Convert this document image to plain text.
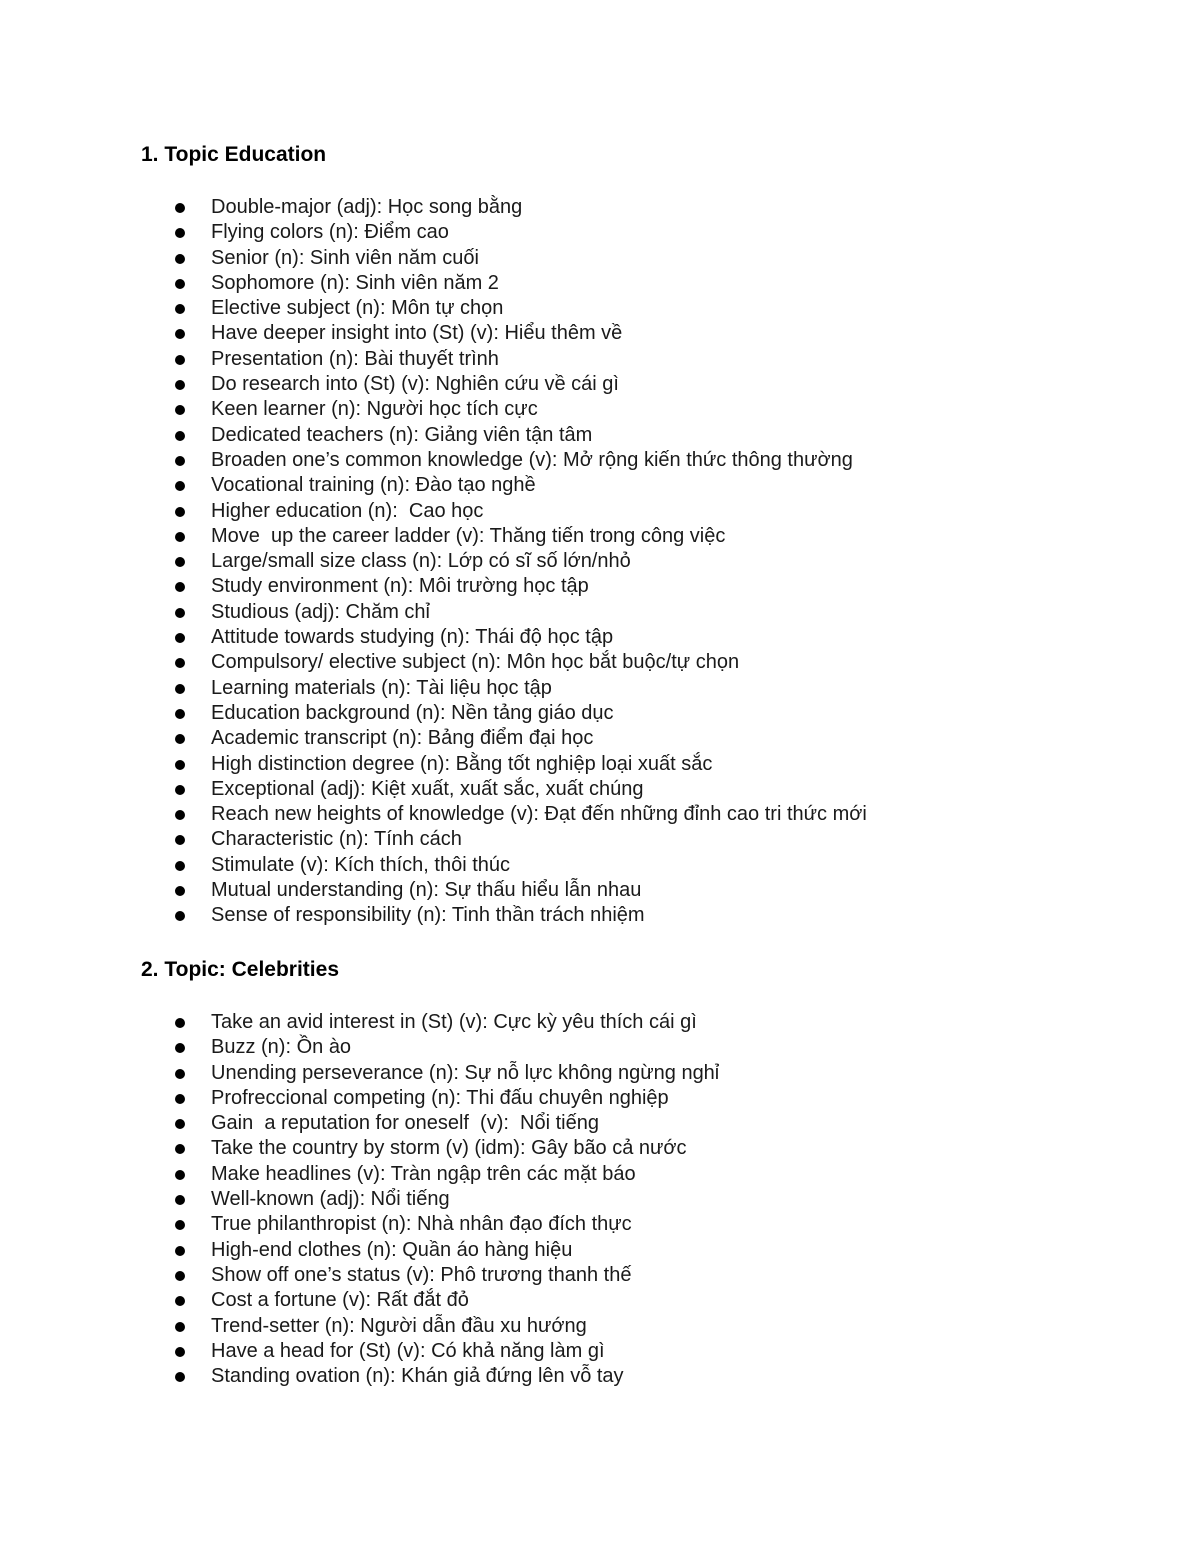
1. Topic Education
Double-major (adj): Học song bằng
Flying colors (n): Điểm cao
Senior (n): Sinh viên năm cuối
Sophomore (n): Sinh viên năm 2
Elective subject (n): Môn tự chọn
Have deeper insight into (St) (v): Hiểu thêm về
Presentation (n): Bài thuyết trình
Do research into (St) (v): Nghiên cứu về cái gì
Keen learner (n): Người học tích cực
Dedicated teachers (n): Giảng viên tận tâm
Broaden one’s common knowledge (v): Mở rộng kiến thức thông thường
Vocational training (n): Đào tạo nghề
Higher education (n):  Cao học
Move  up the career ladder (v): Thăng tiến trong công việc
Large/small size class (n): Lớp có sĩ số lớn/nhỏ
Study environment (n): Môi trường học tập
Studious (adj): Chăm chỉ
Attitude towards studying (n): Thái độ học tập
Compulsory/ elective subject (n): Môn học bắt buộc/tự chọn
Learning materials (n): Tài liệu học tập
Education background (n): Nền tảng giáo dục
Academic transcript (n): Bảng điểm đại học
High distinction degree (n): Bằng tốt nghiệp loại xuất sắc
Exceptional (adj): Kiệt xuất, xuất sắc, xuất chúng
Reach new heights of knowledge (v): Đạt đến những đỉnh cao tri thức mới
Characteristic (n): Tính cách
Stimulate (v): Kích thích, thôi thúc
Mutual understanding (n): Sự thấu hiểu lẫn nhau
Sense of responsibility (n): Tinh thần trách nhiệm
2. Topic: Celebrities
Take an avid interest in (St) (v): Cực kỳ yêu thích cái gì
Buzz (n): Ồn ào
Unending perseverance (n): Sự nỗ lực không ngừng nghỉ
Profrессional competing (n): Thi đấu chuyên nghiệp
Gain  a reputation for oneself  (v):  Nổi tiếng
Take the country by storm (v) (idm): Gây bão cả nước
Make headlines (v): Tràn ngập trên các mặt báo
Well-known (adj): Nổi tiếng
True philanthropist (n): Nhà nhân đạo đích thực
High-end clothes (n): Quần áo hàng hiệu
Show off one’s status (v): Phô trương thanh thế
Cost a fortune (v): Rất đắt đỏ
Trend-setter (n): Người dẫn đầu xu hướng
Have a head for (St) (v): Có khả năng làm gì
Standing ovation (n): Khán giả đứng lên vỗ tay
